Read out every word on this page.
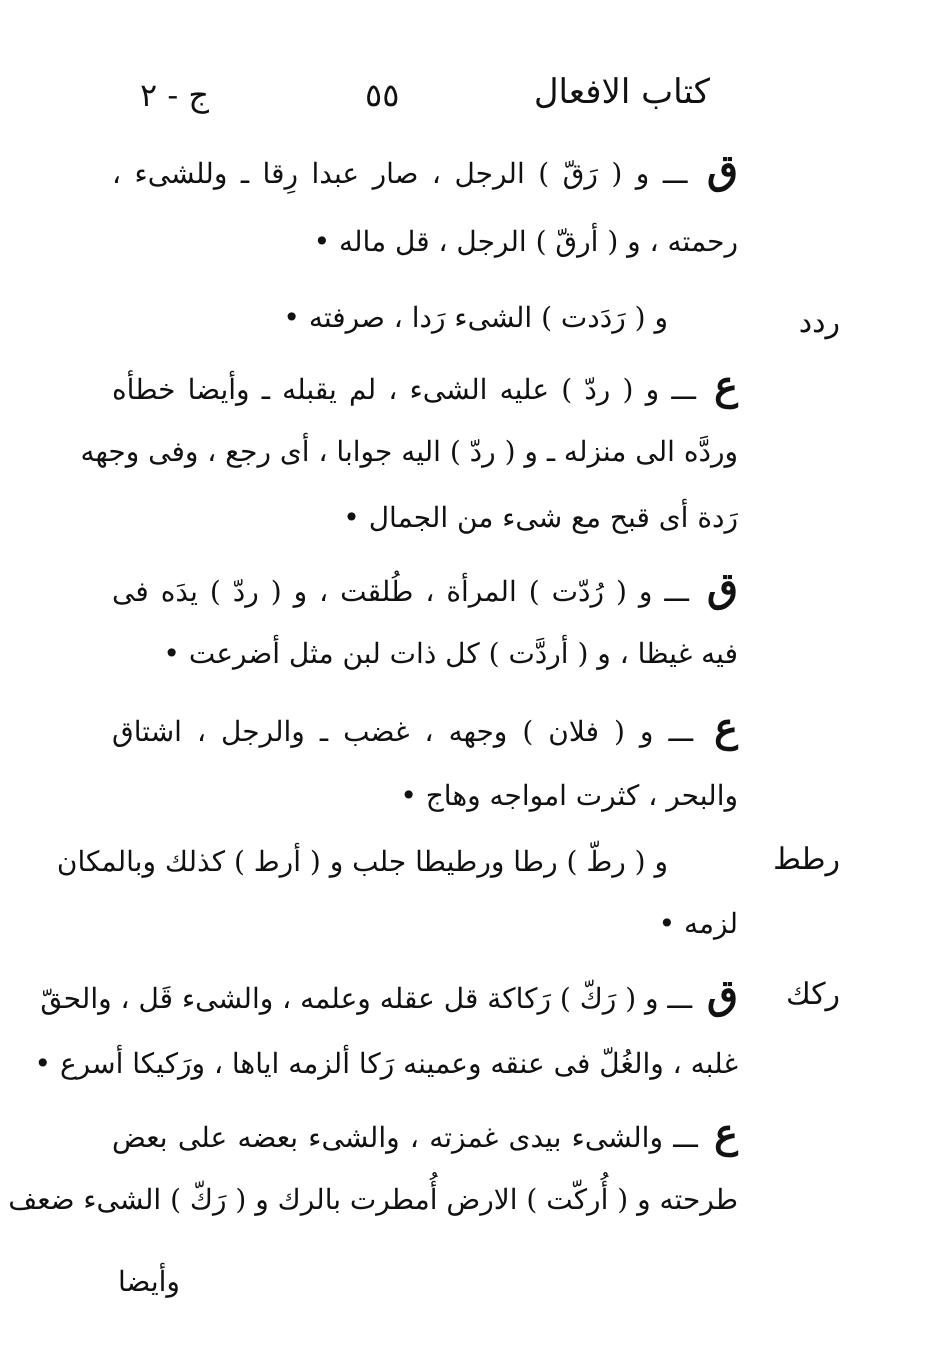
كتاب الافعال
٥٥
ج - ٢
ردد
رطط
ركك
ق ـــ و ( رَقّ ) الرجل ، صار عبدا رِقا ـ وللشىء ،
رحمته ، و ( أرقّ ) الرجل ، قل ماله •
و ( رَدَدت ) الشىء رَدا ، صرفته •
ع ـــ و ( ردّ ) عليه الشىء ، لم يقبله ـ وأيضا خطأه
وردَّه الى منزله ـ و ( ردّ ) اليه جوابا ، أى رجع ، وفى وجهه
رَدة أى قبح مع شىء من الجمال •
ق ـــ و ( رُدّت ) المرأة ، طُلقت ، و ( ردّ ) يدَه فى
فيه غيظا ، و ( أردَّت ) كل ذات لبن مثل أضرعت •
ع ـــ و ( فلان ) وجهه ، غضب ـ والرجل ، اشتاق
والبحر ، كثرت امواجه وهاج •
و ( رطّ ) رطا ورطيطا جلب و ( أرط ) كذلك وبالمكان
لزمه •
ق ـــ و ( رَكّ ) رَكاكة قل عقله وعلمه ، والشىء قَل ، والحقّ
غلبه ، والغُلّ فى عنقه وعمينه رَكا ألزمه اياها ، ورَكيكا أسرع •
ع ـــ والشىء بيدى غمزته ، والشىء بعضه على بعض
طرحته و ( أُركّت ) الارض أُمطرت بالرك و ( رَكّ ) الشىء ضعف
وأيضا
